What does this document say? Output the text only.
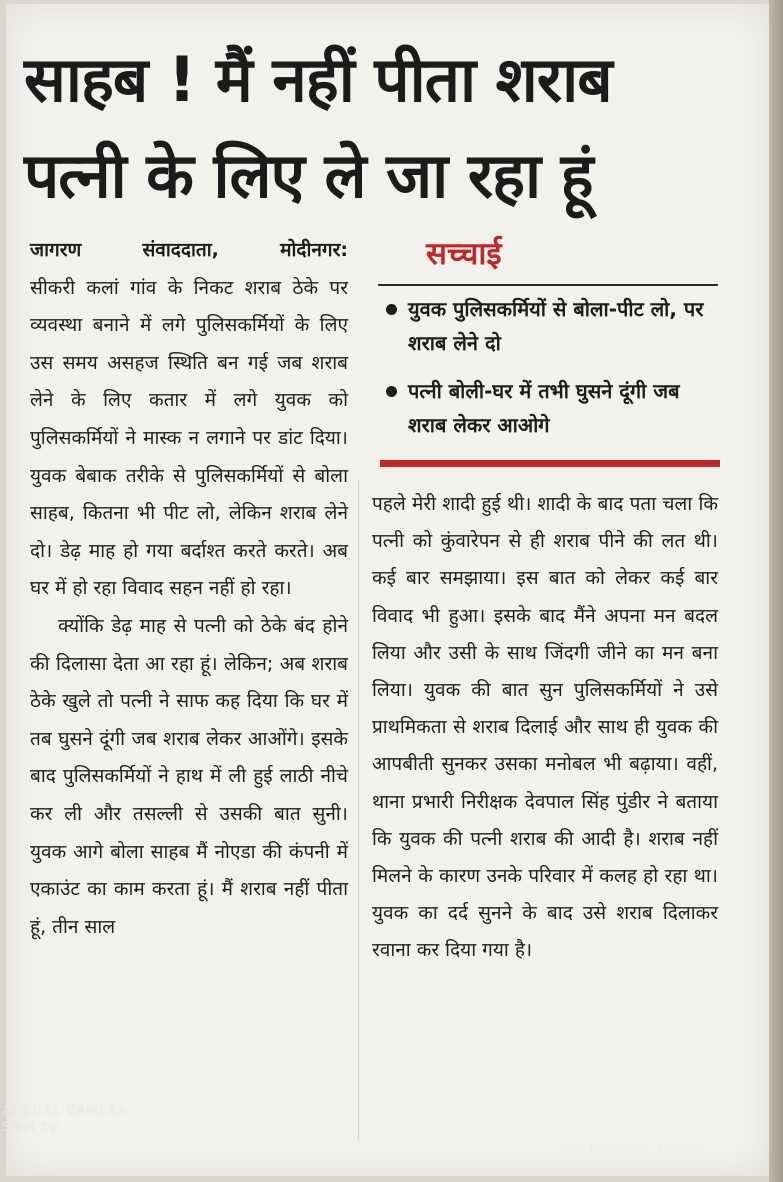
साहब ! मैं नहीं पीता शराब
पत्नी के लिए ले जा रहा हूं
जागरण संवाददाता, मोदीनगर:

सीकरी कलां गांव के निकट शराब ठेके पर व्यवस्था बनाने में लगे पुलिसकर्मियों के लिए उस समय असहज स्थिति बन गई जब शराब लेने के लिए कतार में लगे युवक को पुलिसकर्मियों ने मास्क न लगाने पर डांट दिया। युवक बेबाक तरीके से पुलिसकर्मियों से बोला साहब, कितना भी पीट लो, लेकिन शराब लेने दो। डेढ़ माह हो गया बर्दाश्त करते करते। अब घर में हो रहा विवाद सहन नहीं हो रहा।

क्योंकि डेढ़ माह से पत्नी को ठेके बंद होने की दिलासा देता आ रहा हूं। लेकिन; अब शराब ठेके खुले तो पत्नी ने साफ कह दिया कि घर में तब घुसने दूंगी जब शराब लेकर आओंगे। इसके बाद पुलिसकर्मियों ने हाथ में ली हुई लाठी नीचे कर ली और तसल्ली से उसकी बात सुनी। युवक आगे बोला साहब मैं नोएडा की कंपनी में एकाउंट का काम करता हूं। मैं शराब नहीं पीता हूं, तीन साल

सच्चाई
युवक पुलिसकर्मियों से बोला-पीट लो, पर शराब लेने दो
पत्नी बोली-घर में तभी घुसने दूंगी जब शराब लेकर आओगे

पहले मेरी शादी हुई थी। शादी के बाद पता चला कि पत्नी को कुंवारेपन से ही शराब पीने की लत थी। कई बार समझाया। इस बात को लेकर कई बार विवाद भी हुआ। इसके बाद मैंने अपना मन बदल लिया और उसी के साथ जिंदगी जीने का मन बना लिया। युवक की बात सुन पुलिसकर्मियों ने उसे प्राथमिकता से शराब दिलाई और साथ ही युवक की आपबीती सुनकर उसका मनोबल भी बढ़ाया। वहीं, थाना प्रभारी निरीक्षक देवपाल सिंह पुंडीर ने बताया कि युवक की पत्नी शराब की आदी है। शराब नहीं मिलने के कारण उनके परिवार में कलह हो रहा था। युवक का दर्द सुनने के बाद उसे शराब दिलाकर रवाना कर दिया गया है।

AI DUAL CAMERA
Shot by
2020/05/08 09:23
